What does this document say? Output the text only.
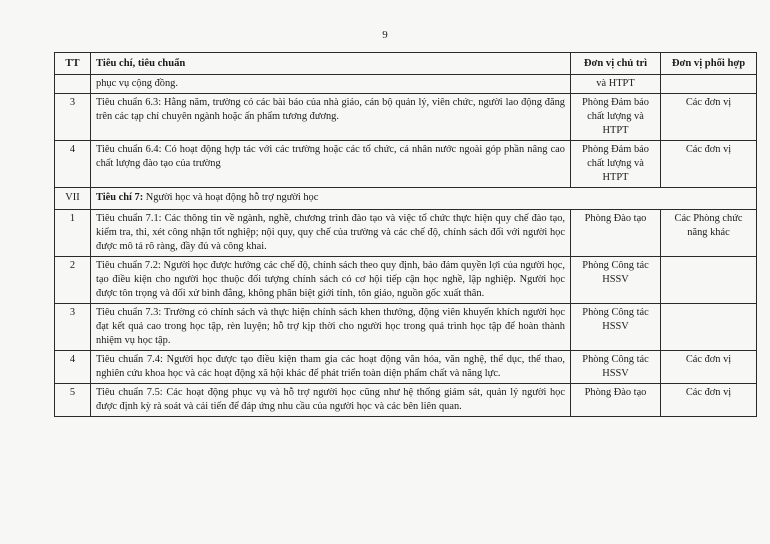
9
TT	Tiêu chí, tiêu chuẩn	Đơn vị chủ trì	Đơn vị phối hợp
	phục vụ cộng đồng.	và HTPT	
3	Tiêu chuẩn 6.3: Hằng năm, trường có các bài báo của nhà giáo, cán bộ quản lý, viên chức, người lao động đăng trên các tạp chí chuyên ngành hoặc ấn phẩm tương đương.	Phòng Đảm bảo chất lượng và HTPT	Các đơn vị
4	Tiêu chuẩn 6.4: Có hoạt động hợp tác với các trường hoặc các tổ chức, cá nhân nước ngoài góp phần nâng cao chất lượng đào tạo của trường	Phòng Đảm bảo chất lượng và HTPT	Các đơn vị
VII	Tiêu chí 7: Người học và hoạt động hỗ trợ người học		
1	Tiêu chuẩn 7.1: Các thông tin về ngành, nghề, chương trình đào tạo và việc tổ chức thực hiện quy chế đào tạo, kiểm tra, thi, xét công nhận tốt nghiệp; nội quy, quy chế của trường và các chế độ, chính sách đối với người học được mô tả rõ ràng, đầy đủ và công khai.	Phòng Đào tạo	Các Phòng chức năng khác
2	Tiêu chuẩn 7.2: Người học được hưởng các chế độ, chính sách theo quy định, bảo đảm quyền lợi của người học, tạo điều kiện cho người học thuộc đối tượng chính sách có cơ hội tiếp cận học nghề, lập nghiệp. Người học được tôn trọng và đối xử bình đẳng, không phân biệt giới tính, tôn giáo, nguồn gốc xuất thân.	Phòng Công tác HSSV	
3	Tiêu chuẩn 7.3: Trường có chính sách và thực hiện chính sách khen thưởng, động viên khuyến khích người học đạt kết quả cao trong học tập, rèn luyện; hỗ trợ kịp thời cho người học trong quá trình học tập để hoàn thành nhiệm vụ học tập.	Phòng Công tác HSSV	
4	Tiêu chuẩn 7.4: Người học được tạo điều kiện tham gia các hoạt động văn hóa, văn nghệ, thể dục, thể thao, nghiên cứu khoa học và các hoạt động xã hội khác để phát triển toàn diện phẩm chất và năng lực.	Phòng Công tác HSSV	Các đơn vị
5	Tiêu chuẩn 7.5: Các hoạt động phục vụ và hỗ trợ người học cũng như hệ thống giám sát, quản lý người học được định kỳ rà soát và cải tiến để đáp ứng nhu cầu của người học và các bên liên quan.	Phòng Đào tạo	Các đơn vị
